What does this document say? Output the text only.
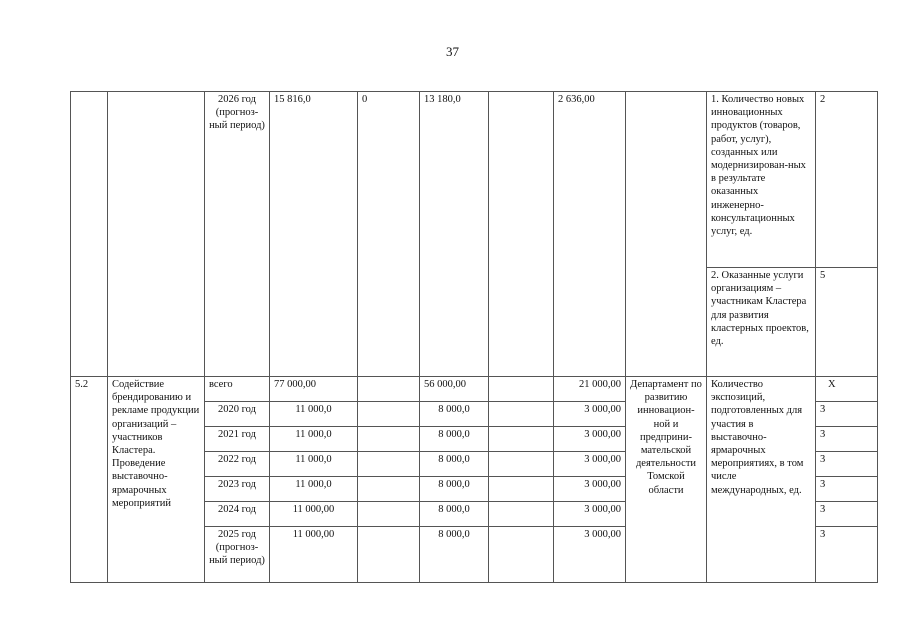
37
		2026 год (прогноз-ный период)	15 816,0	0	13 180,0		2 636,00		1. Количество новых инновационных продуктов (товаров, работ, услуг), созданных или модернизирован-ных в результате оказанных инженерно-консультационных услуг, ед.	2
									2. Оказанные услуги организациям – участникам Кластера для развития кластерных проектов, ед.	5
5.2	Содействие брендированию и рекламе продукции организаций – участников Кластера. Проведение выставочно-ярмарочных мероприятий	всего	77 000,00		56 000,00		21 000,00	Департамент по развитию инновацион-ной и предприни-мательской деятельности Томской области	Количество экспозиций, подготовленных для участия в выставочно-ярмарочных мероприятиях, в том числе международных, ед.	X
		2020 год	11 000,0		8 000,0		3 000,00			3
		2021 год	11 000,0		8 000,0		3 000,00			3
		2022 год	11 000,0		8 000,0		3 000,00			3
		2023 год	11 000,0		8 000,0		3 000,00			3
		2024 год	11 000,00		8 000,0		3 000,00			3
		2025 год (прогноз-ный период)	11 000,00		8 000,0		3 000,00			3
